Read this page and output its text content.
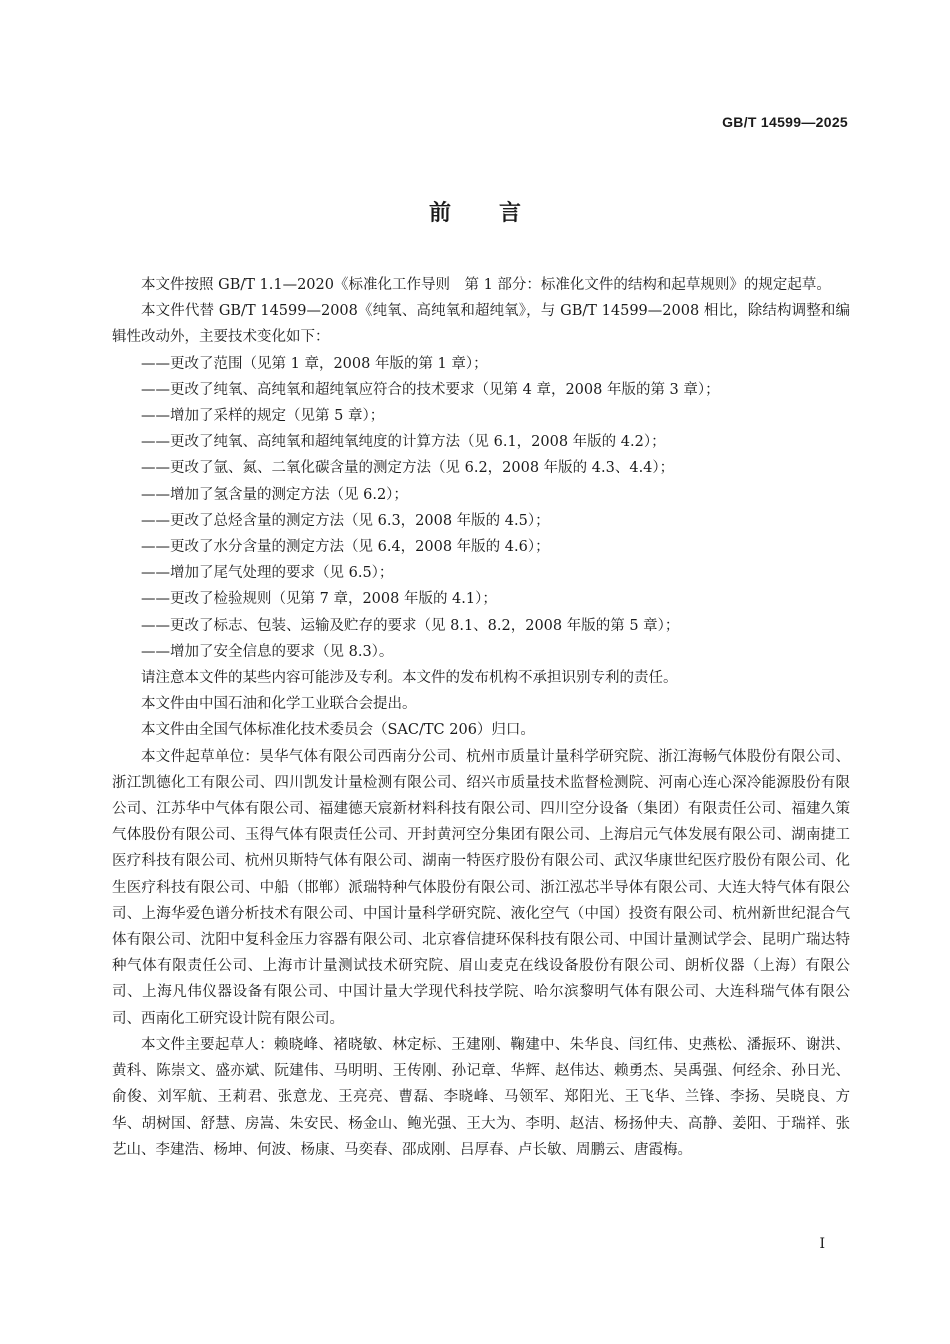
GB/T 14599—2025
前言

本文件按照 GB/T 1.1—2020《标准化工作导则　第 1 部分：标准化文件的结构和起草规则》的规定起草。

本文件代替 GB/T 14599—2008《纯氧、高纯氧和超纯氧》，与 GB/T 14599—2008 相比，除结构调整和编辑性改动外，主要技术变化如下：

——更改了范围（见第 1 章，2008 年版的第 1 章）；

——更改了纯氧、高纯氧和超纯氧应符合的技术要求（见第 4 章，2008 年版的第 3 章）；

——增加了采样的规定（见第 5 章）；

——更改了纯氧、高纯氧和超纯氧纯度的计算方法（见 6.1，2008 年版的 4.2）；

——更改了氩、氮、二氧化碳含量的测定方法（见 6.2，2008 年版的 4.3、4.4）；

——增加了氢含量的测定方法（见 6.2）；

——更改了总烃含量的测定方法（见 6.3，2008 年版的 4.5）；

——更改了水分含量的测定方法（见 6.4，2008 年版的 4.6）；

——增加了尾气处理的要求（见 6.5）；

——更改了检验规则（见第 7 章，2008 年版的 4.1）；

——更改了标志、包装、运输及贮存的要求（见 8.1、8.2，2008 年版的第 5 章）；

——增加了安全信息的要求（见 8.3）。

请注意本文件的某些内容可能涉及专利。本文件的发布机构不承担识别专利的责任。

本文件由中国石油和化学工业联合会提出。

本文件由全国气体标准化技术委员会（SAC/TC 206）归口。

本文件起草单位：昊华气体有限公司西南分公司、杭州市质量计量科学研究院、浙江海畅气体股份有限公司、浙江凯德化工有限公司、四川凯发计量检测有限公司、绍兴市质量技术监督检测院、河南心连心深冷能源股份有限公司、江苏华中气体有限公司、福建德天宸新材料科技有限公司、四川空分设备（集团）有限责任公司、福建久策气体股份有限公司、玉得气体有限责任公司、开封黄河空分集团有限公司、上海启元气体发展有限公司、湖南捷工医疗科技有限公司、杭州贝斯特气体有限公司、湖南一特医疗股份有限公司、武汉华康世纪医疗股份有限公司、化生医疗科技有限公司、中船（邯郸）派瑞特种气体股份有限公司、浙江泓芯半导体有限公司、大连大特气体有限公司、上海华爱色谱分析技术有限公司、中国计量科学研究院、液化空气（中国）投资有限公司、杭州新世纪混合气体有限公司、沈阳中复科金压力容器有限公司、北京睿信捷环保科技有限公司、中国计量测试学会、昆明广瑞达特种气体有限责任公司、上海市计量测试技术研究院、眉山麦克在线设备股份有限公司、朗析仪器（上海）有限公司、上海凡伟仪器设备有限公司、中国计量大学现代科技学院、哈尔滨黎明气体有限公司、大连科瑞气体有限公司、西南化工研究设计院有限公司。

本文件主要起草人：赖晓峰、褚晓敏、林定标、王建刚、鞠建中、朱华良、闫红伟、史燕松、潘振环、谢洪、黄科、陈崇文、盛亦斌、阮建伟、马明明、王传刚、孙记章、华辉、赵伟达、赖勇杰、吴禹强、何经余、孙日光、俞俊、刘军航、王莉君、张意龙、王亮亮、曹磊、李晓峰、马领军、郑阳光、王飞华、兰锋、李扬、吴晓良、方华、胡树国、舒慧、房嵩、朱安民、杨金山、鲍光强、王大为、李明、赵洁、杨扬仲夫、高静、姜阳、于瑞祥、张艺山、李建浩、杨坤、何波、杨康、马奕春、邵成刚、吕厚春、卢长敏、周鹏云、唐霞梅。

I
